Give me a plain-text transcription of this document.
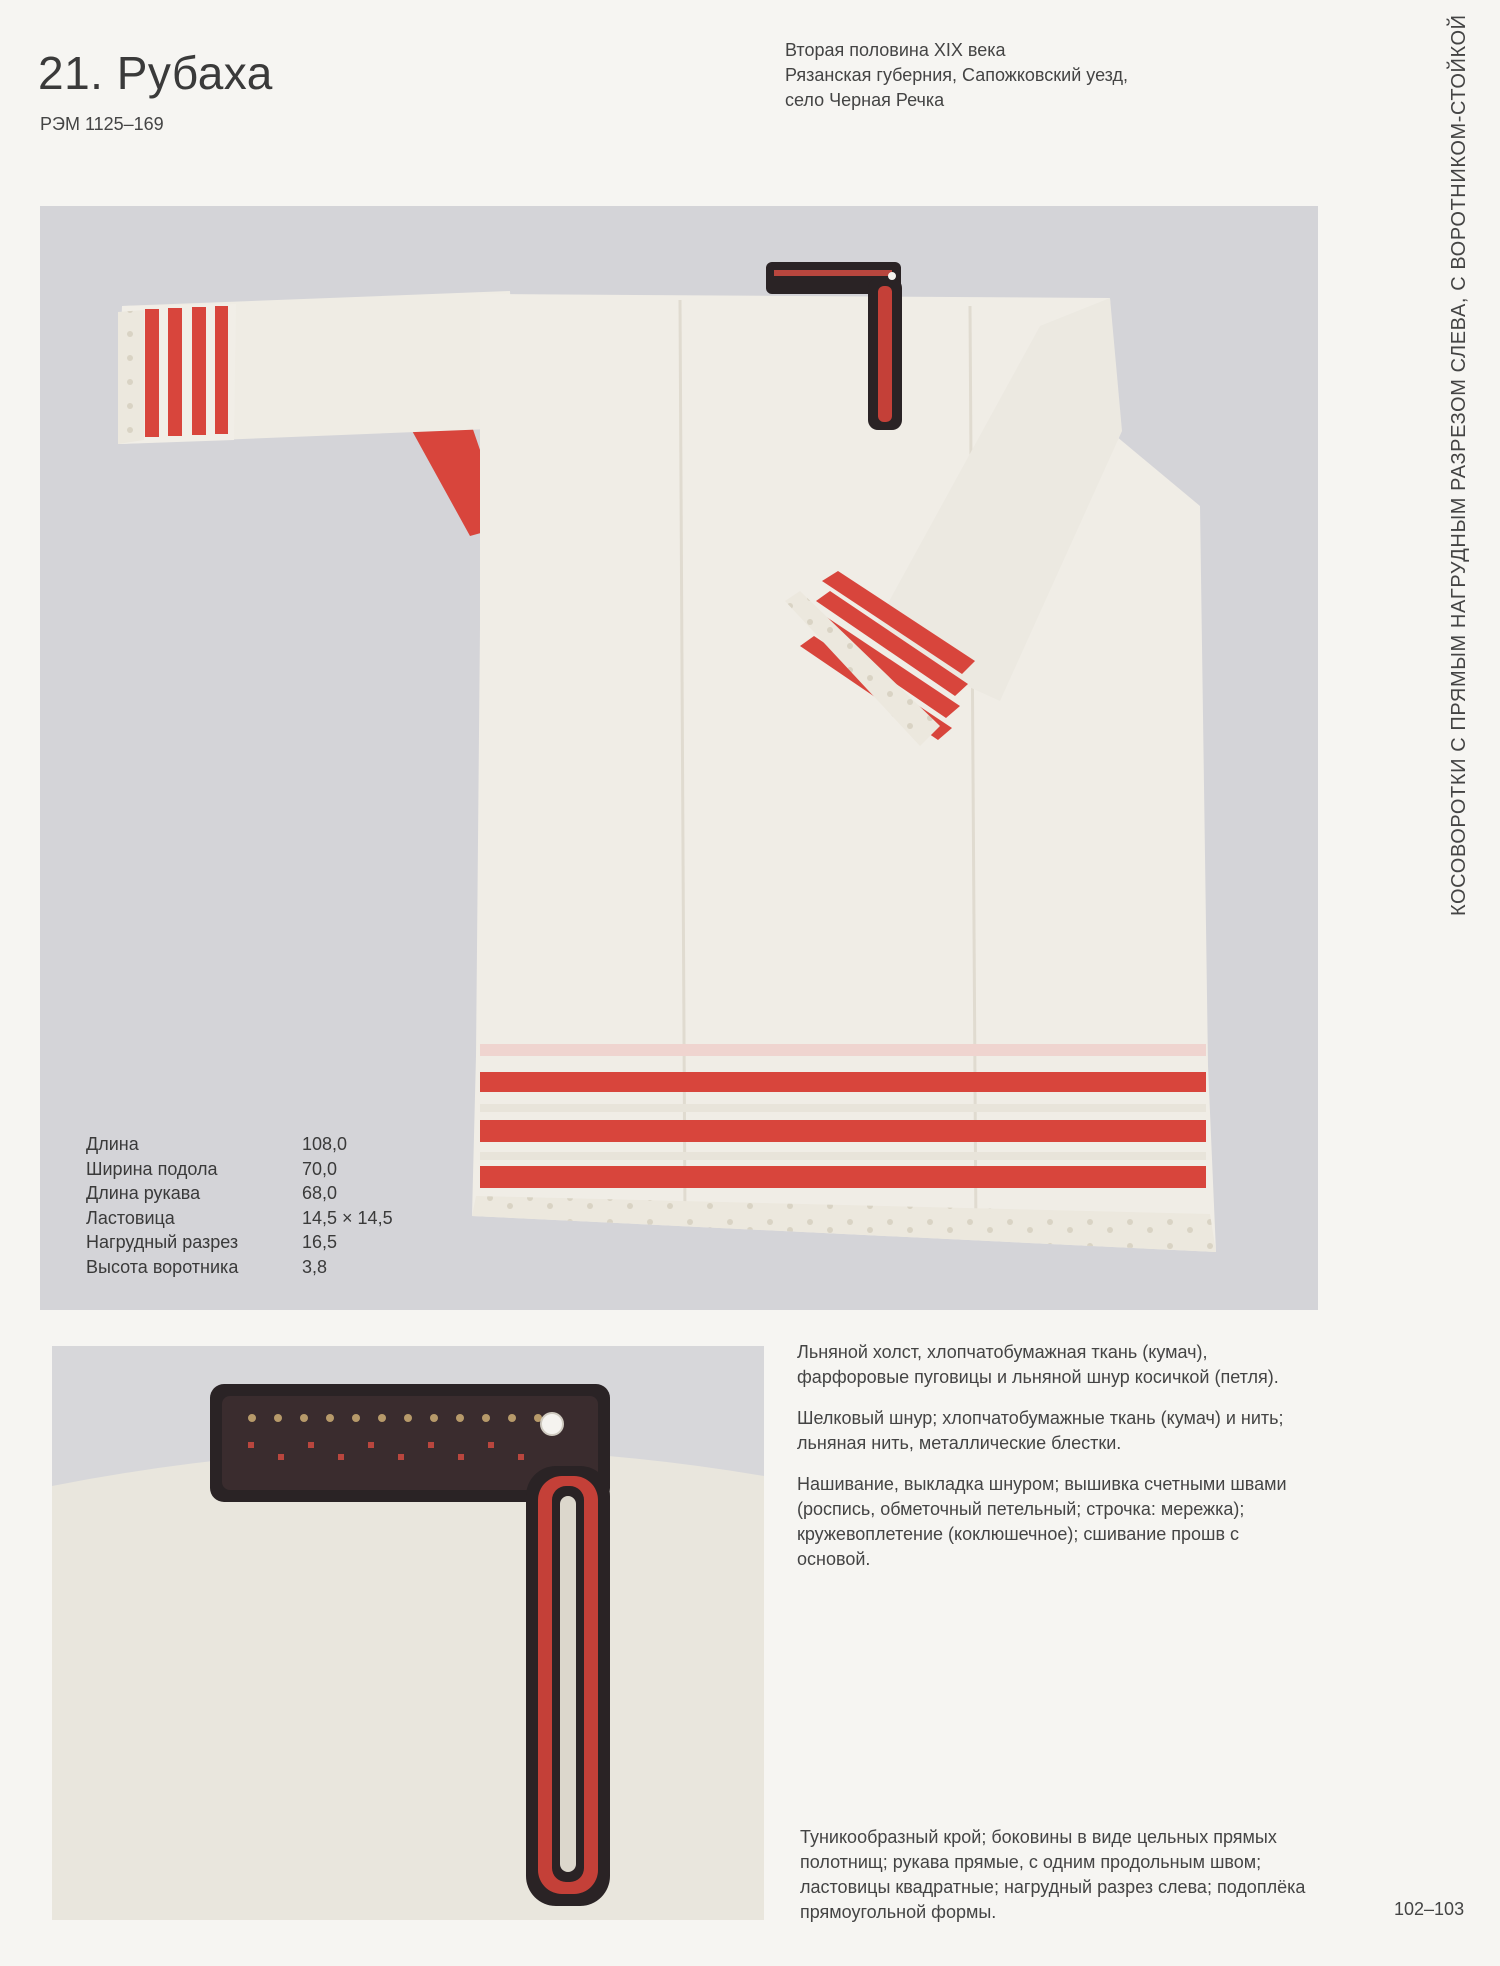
21. Рубаха
РЭМ 1125–169
Вторая половина XIX века
Рязанская губерния, Сапожковский уезд,
село Черная Речка	КОСОВОРОТКИ С ПРЯМЫМ НАГРУДНЫМ РАЗРЕЗОМ СЛЕВА, С ВОРОТНИКОМ-СТОЙКОЙ
Длина	108,0
Ширина подола	70,0
Длина рукава	68,0
Ластовица	14,5 × 14,5
Нагрудный разрез	16,5
Высота воротника	3,8

Льняной холст, хлопчатобумажная ткань (кумач), фарфоровые пуговицы и льняной шнур косичкой (петля).

Шелковый шнур; хлопчатобумажные ткань (кумач) и нить; льняная нить, металлические блестки.

Нашивание, выкладка шнуром; вышивка счетными швами (роспись, обметочный петельный; строчка: мережка); кружевоплетение (коклюшечное); сшивание прошв с основой.

Туникообразный крой; боковины в виде цельных прямых полотнищ; рукава прямые, с одним продольным швом; ластовицы квадратные; нагрудный разрез слева; подоплёка прямоугольной формы.	102–103
